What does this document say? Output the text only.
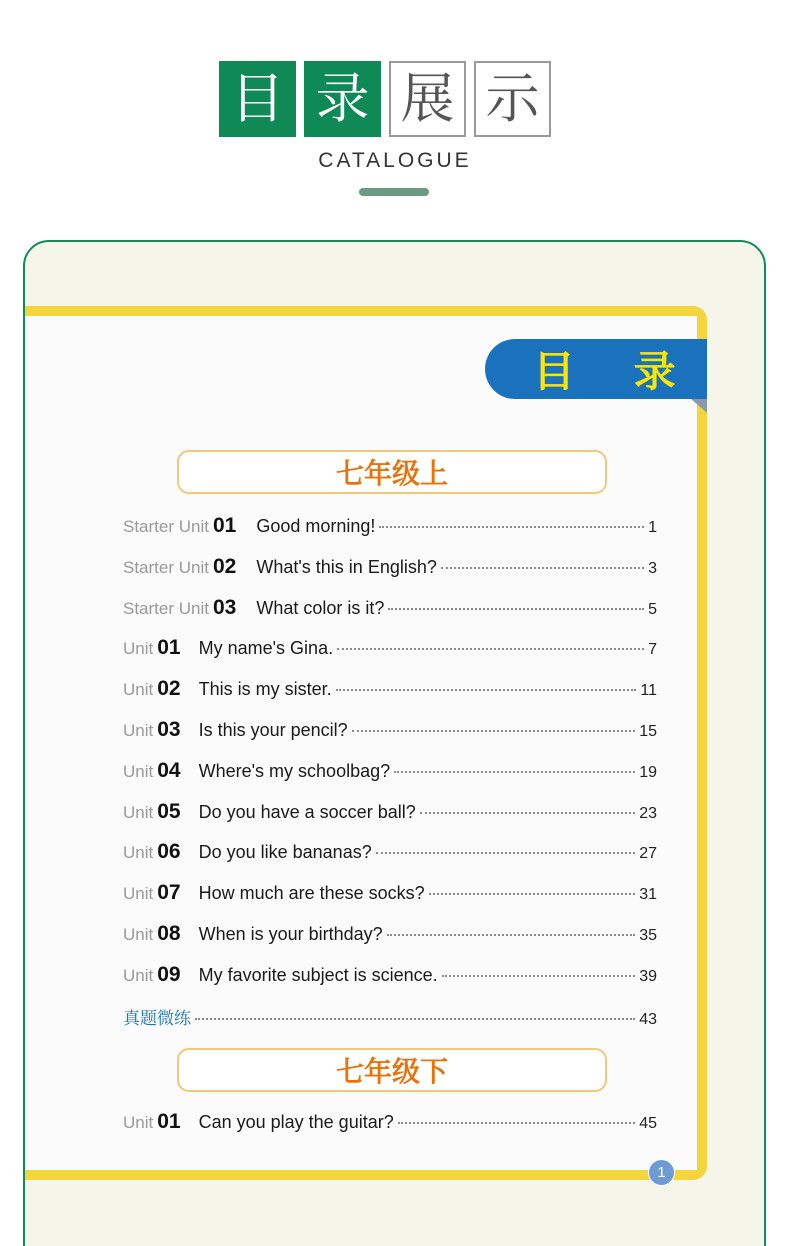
目 录 展 示
CATALOGUE
目 录
七年级上
Starter Unit 01 Good morning!	1
Starter Unit 02 What's this in English?	3
Starter Unit 03 What color is it?	5
Unit 01 My name's Gina.	7
Unit 02 This is my sister.	11
Unit 03 Is this your pencil?	15
Unit 04 Where's my schoolbag?	19
Unit 05 Do you have a soccer ball?	23
Unit 06 Do you like bananas?	27
Unit 07 How much are these socks?	31
Unit 08 When is your birthday?	35
Unit 09 My favorite subject is science.	39
真题微练	43
七年级下
Unit 01 Can you play the guitar?	45
1
